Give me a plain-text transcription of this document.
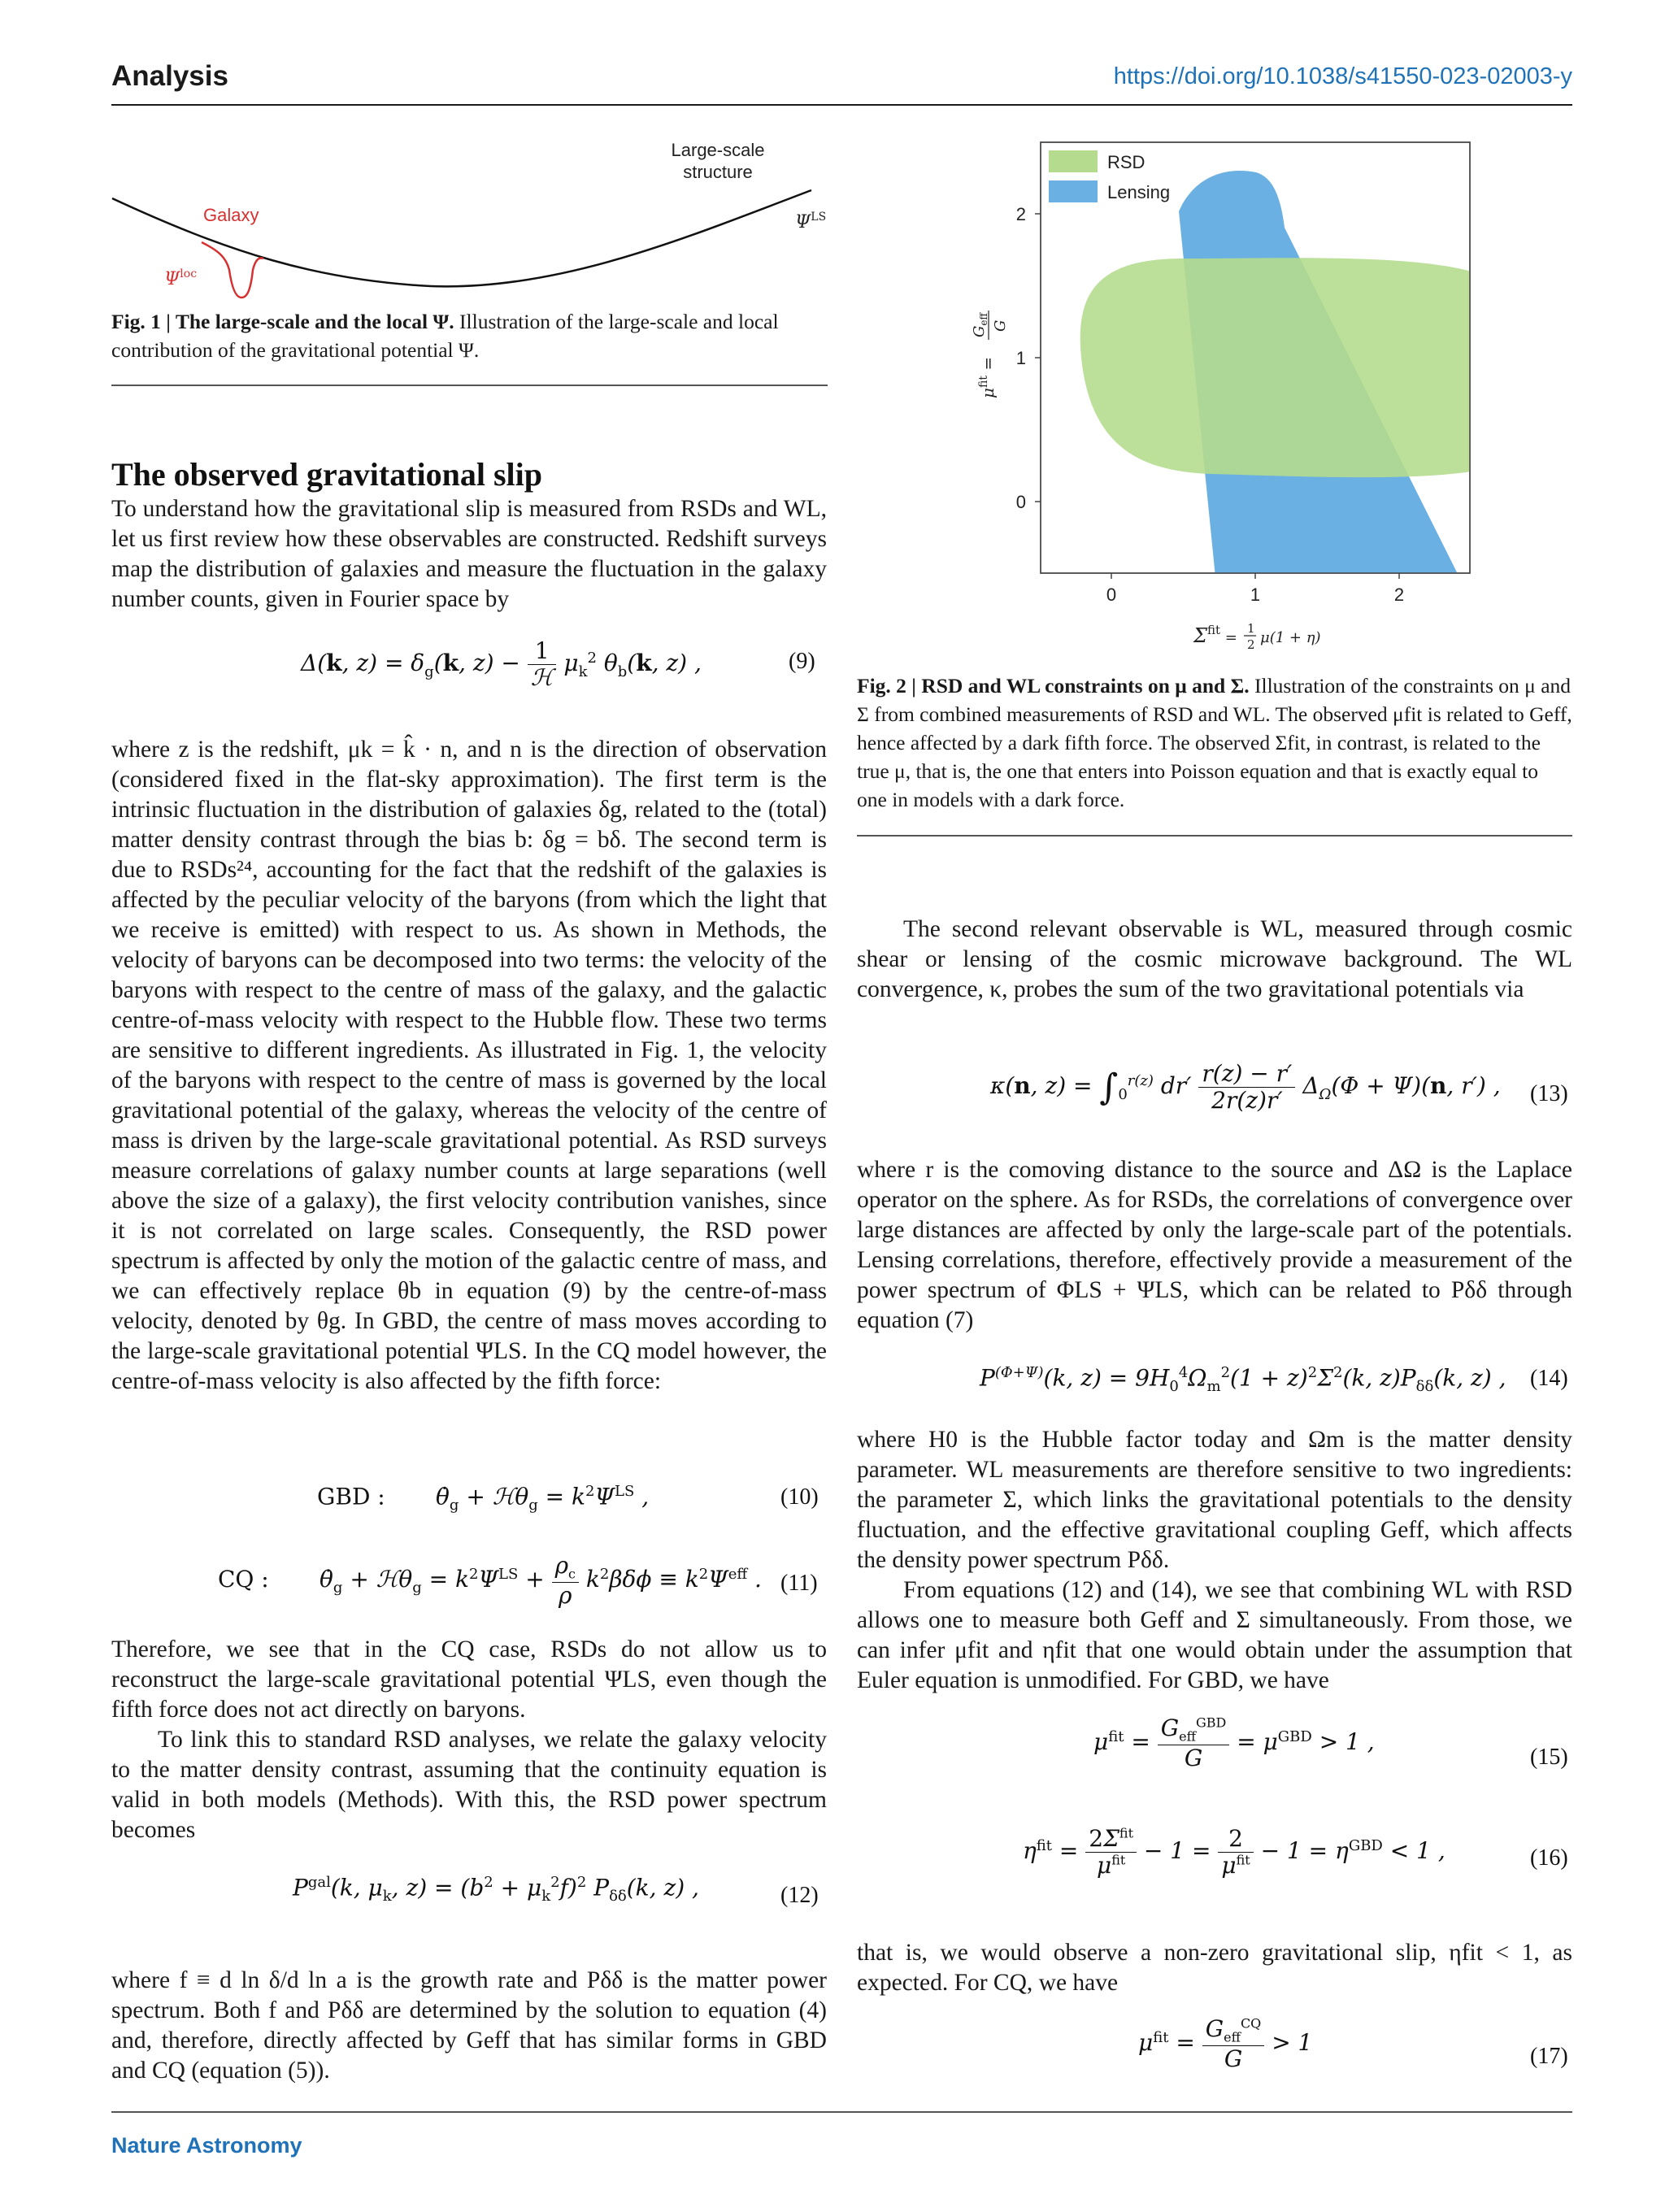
Analysis	https://doi.org/10.1038/s41550-023-02003-y
Large-scale
structure
Galaxy	$\Psi^{LS}$
$\Psi^{loc}$
Fig. 1 | The large-scale and the local Ψ. Illustration of the large-scale and local contribution of the gravitational potential Ψ.
RSD
Lensing
2
1
0
0	1	2
$\mu^{fit}$ =
$G_{eff}$
G
$\Sigma^{fit}$ $_=$
1
2 μ(1 + η)
Fig. 2 | RSD and WL constraints on μ and Σ. Illustration of the constraints on μ and Σ from combined measurements of RSD and WL. The observed μfit is related to Geff, hence affected by a dark fifth force. The observed Σfit, in contrast, is related to the true μ, that is, the one that enters into Poisson equation and that is exactly equal to one in models with a dark force.
The observed gravitational slip

To understand how the gravitational slip is measured from RSDs and WL, let us first review how these observables are constructed. Redshift surveys map the distribution of galaxies and measure the fluctuation in the galaxy number counts, given in Fourier space by

Δ(k, $z) = \delta_g(k$, $z) - \frac{1}{\text{ℋ}} \mu_k^2$ $\theta_b(k$, z) ,	(9)

where z is the redshift, μk = k̂ · n, and n is the direction of observation (considered fixed in the flat-sky approximation). The first term is the intrinsic fluctuation in the distribution of galaxies δg, related to the (total) matter density contrast through the bias b: δg = bδ. The second term is due to RSDs²⁴, accounting for the fact that the redshift of the galaxies is affected by the peculiar velocity of the baryons (from which the light that we receive is emitted) with respect to us. As shown in Methods, the velocity of baryons can be decomposed into two terms: the velocity of the baryons with respect to the centre of mass of the galaxy, and the galactic centre-of-mass velocity with respect to the Hubble flow. These two terms are sensitive to different ingredients. As illustrated in Fig. 1, the velocity of the baryons with respect to the centre of mass is governed by the local gravitational potential of the galaxy, whereas the velocity of the centre of mass is driven by the large-scale gravitational potential. As RSD surveys measure correlations of galaxy number counts at large separations (well above the size of a galaxy), the first velocity contribution vanishes, since it is not correlated on large scales. Consequently, the RSD power spectrum is affected by only the motion of the galactic centre of mass, and we can effectively replace θb in equation (9) by the centre-of-mass velocity, denoted by θg. In GBD, the centre of mass moves according to the large-scale gravitational potential ΨLS. In the CQ model however, the centre-of-mass velocity is also affected by the fifth force:

GBD :       $\thetȧ_g$ + ℋθ$_g$ = $k^2\Psi^{LS}$ ,	(10)
CQ :       $\thetȧ_g$ + ℋθ$_g$ = $k^2\Psi^{LS} + \frac{\rho_c}{\rho} k^2\beta\delta\phi \equiv k^2\Psi^{eff}$ . (11)

Therefore, we see that in the CQ case, RSDs do not allow us to reconstruct the large-scale gravitational potential ΨLS, even though the fifth force does not act directly on baryons.

To link this to standard RSD analyses, we relate the galaxy velocity to the matter density contrast, assuming that the continuity equation is valid in both models (Methods). With this, the RSD power spectrum becomes

$P^{gal}(k$, $\mu_k$, $z) = (b^2 + \mu_k^2f)^2$ $P_{\delta\delta}(k$, z) ,	(12)

where f ≡ d ln δ/d ln a is the growth rate and Pδδ is the matter power spectrum. Both f and Pδδ are determined by the solution to equation (4) and, therefore, directly affected by Geff that has similar forms in GBD and CQ (equation (5)).

The second relevant observable is WL, measured through cosmic shear or lensing of the cosmic microwave background. The WL convergence, κ, probes the sum of the two gravitational potentials via

κ(n, $z) = \int_0^{r(z)}$ $dr' \frac{r(z) - r'}{2r(z)r'} \Delta_\Omega(\Phi + \Psi)(n$, r′) , (13)

where r is the comoving distance to the source and ΔΩ is the Laplace operator on the sphere. As for RSDs, the correlations of convergence over large distances are affected by only the large-scale part of the potentials. Lensing correlations, therefore, effectively provide a measurement of the power spectrum of ΦLS + ΨLS, which can be related to Pδδ through equation (7)

$P^{(\Phi+\Psi)}(k$, $z) = 9H_0^4\Omega_m^2(1 + z)^2\Sigma^2(k$, $z)P_{\delta\delta}(k$, z) , (14)

where H0 is the Hubble factor today and Ωm is the matter density parameter. WL measurements are therefore sensitive to two ingredients: the parameter Σ, which links the gravitational potentials to the density fluctuation, and the effective gravitational coupling Geff, which affects the density power spectrum Pδδ.

From equations (12) and (14), we see that combining WL with RSD allows one to measure both Geff and Σ simultaneously. From those, we can infer μfit and ηfit that one would obtain under the assumption that Euler equation is unmodified. For GBD, we have

$\mu^{fit} = \frac{G_{eff}^{GBD}}{G} = \mu^{GBD} > 1$ ,
(15)
$\eta^{fit} = \frac{2\Sigma^{fit}}{\mu^{fit}} - 1 = \frac{2}{\mu^{fit}} - 1 = \eta^{GBD} < 1$ ,	(16)

that is, we would observe a non-zero gravitational slip, ηfit < 1, as expected. For CQ, we have

$\mu^{fit} = \frac{G_{eff}^{CQ}}{G} > 1$
(17)
Nature Astronomy
